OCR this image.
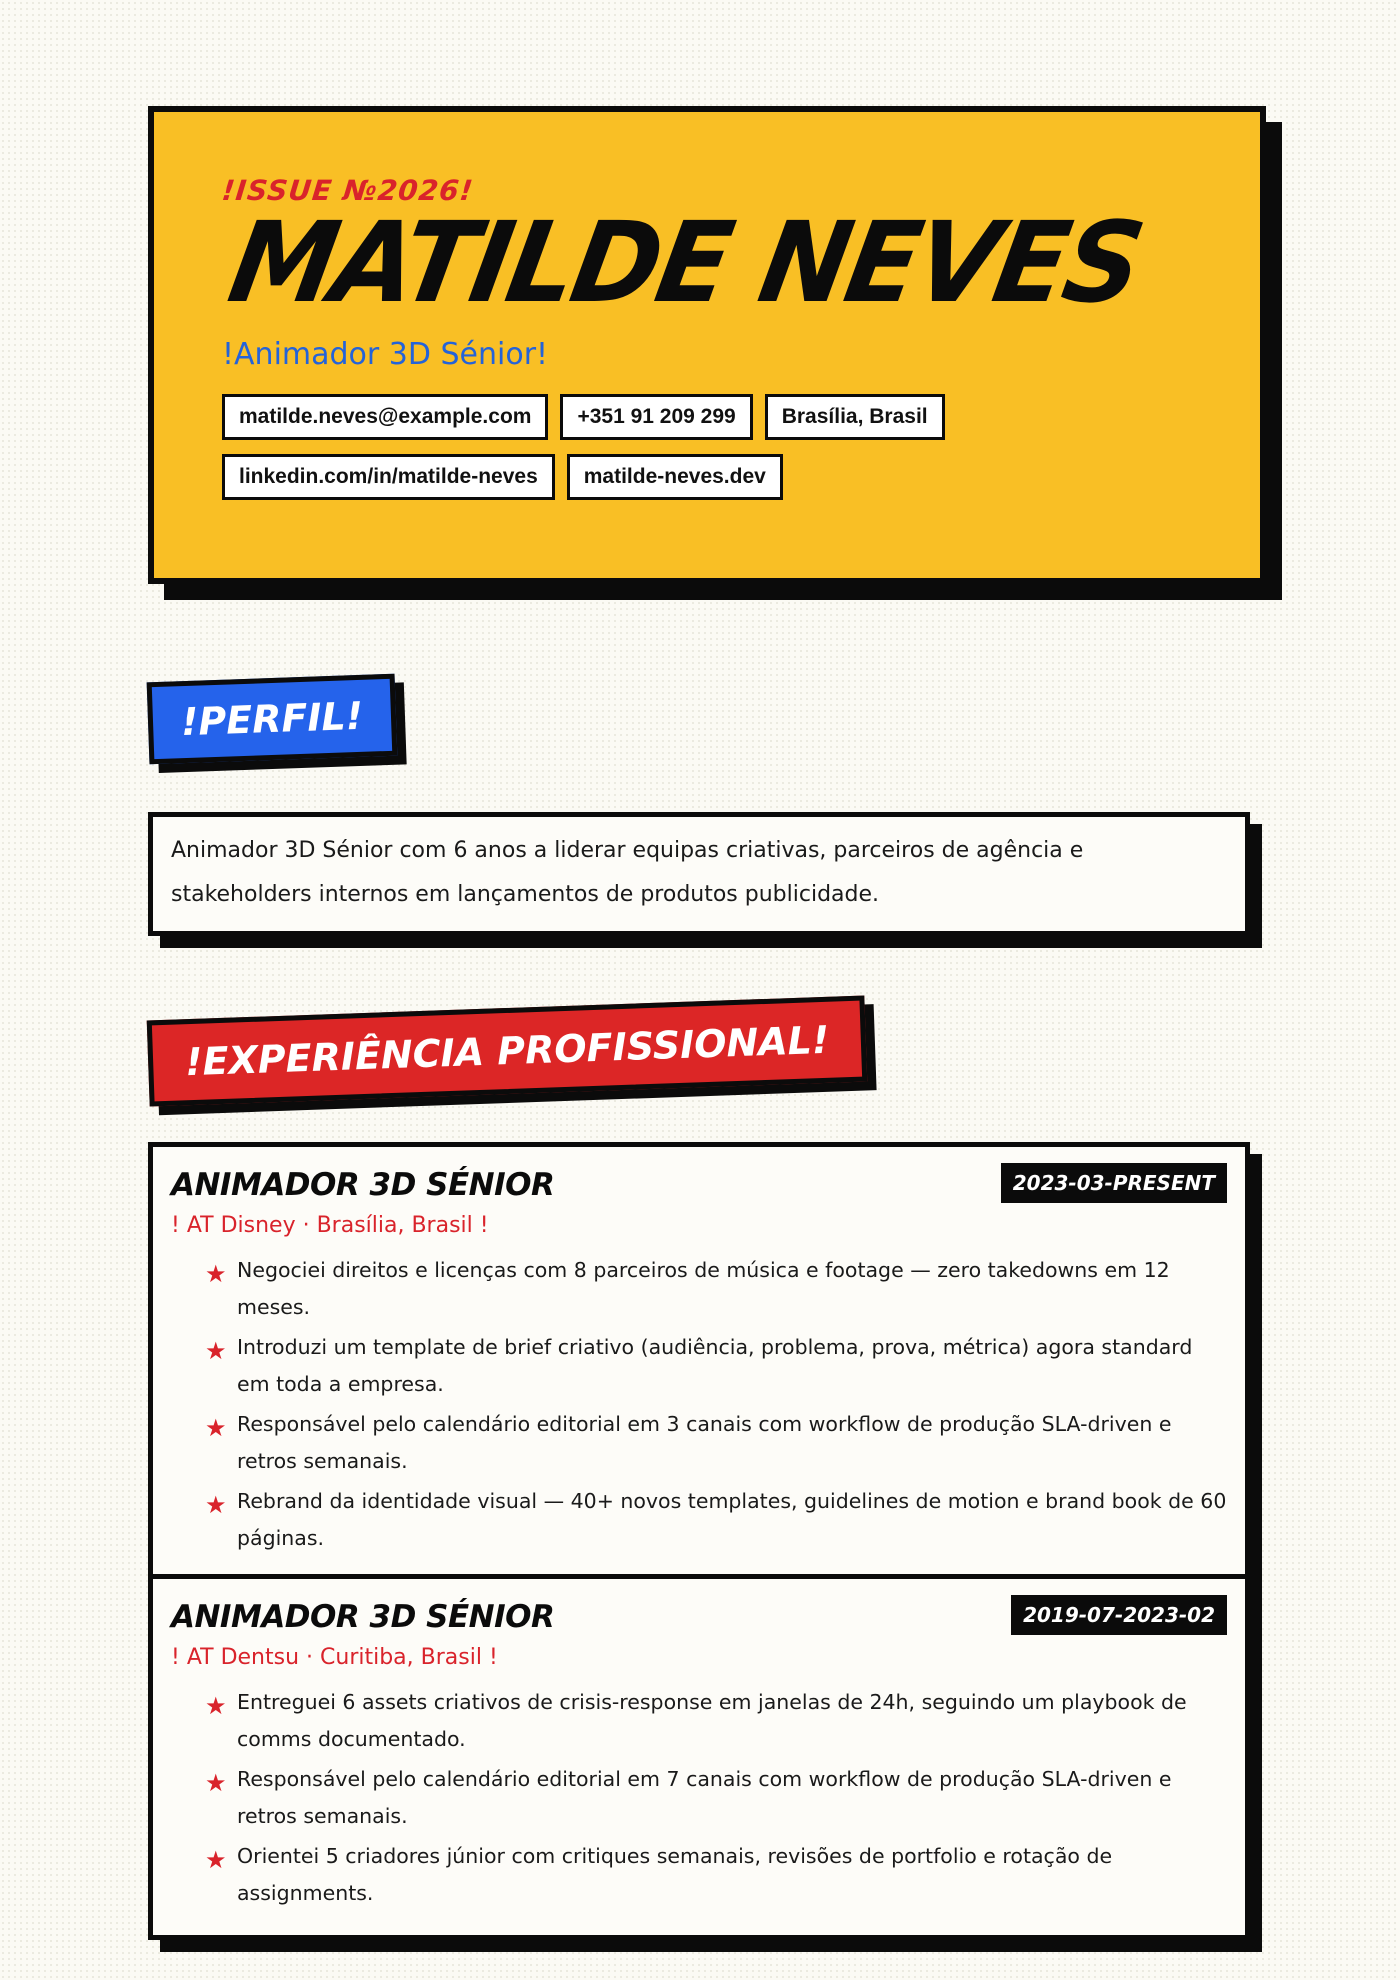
!ISSUE №2026!
MATILDE NEVES
!Animador 3D Sénior!
matilde.neves@example.com	+351 91 209 299	Brasília, Brasil
linkedin.com/in/matilde-neves	matilde-neves.dev
!PERFIL!
Animador 3D Sénior com 6 anos a liderar equipas criativas, parceiros de agência e stakeholders internos em lançamentos de produtos publicidade.
!EXPERIÊNCIA PROFISSIONAL!
ANIMADOR 3D SÉNIOR	2023-03-PRESENT
! AT Disney · Brasília, Brasil !
★ Negociei direitos e licenças com 8 parceiros de música e footage — zero takedowns em 12 meses.
★ Introduzi um template de brief criativo (audiência, problema, prova, métrica) agora standard em toda a empresa.
★ Responsável pelo calendário editorial em 3 canais com workflow de produção SLA-driven e retros semanais.
★ Rebrand da identidade visual — 40+ novos templates, guidelines de motion e brand book de 60 páginas.
ANIMADOR 3D SÉNIOR	2019-07-2023-02
! AT Dentsu · Curitiba, Brasil !
★ Entreguei 6 assets criativos de crisis-response em janelas de 24h, seguindo um playbook de comms documentado.
★ Responsável pelo calendário editorial em 7 canais com workflow de produção SLA-driven e retros semanais.
★ Orientei 5 criadores júnior com critiques semanais, revisões de portfolio e rotação de assignments.
